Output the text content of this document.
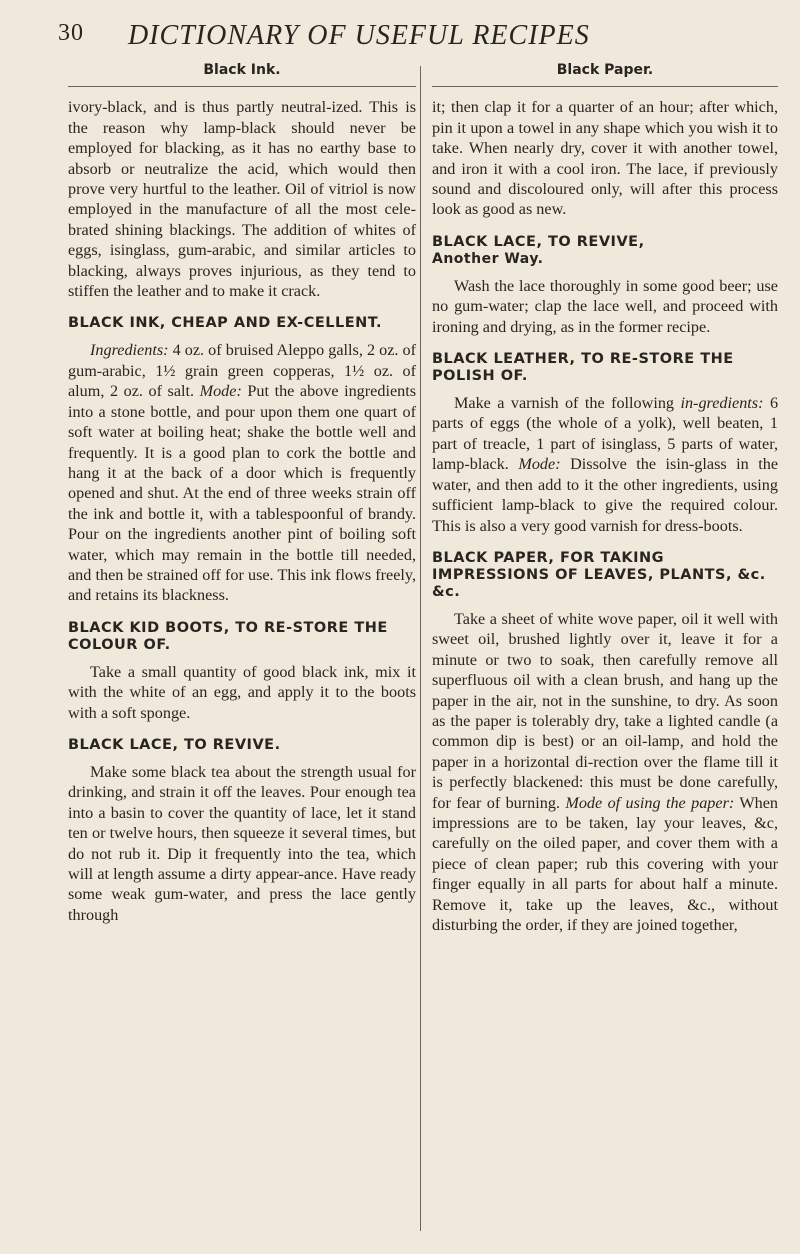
30 DICTIONARY OF USEFUL RECIPES
Black Ink.

ivory-black, and is thus partly neutral-ized. This is the reason why lamp-black should never be employed for blacking, as it has no earthy base to absorb or neutralize the acid, which would then prove very hurtful to the leather. Oil of vitriol is now employed in the manufacture of all the most cele-brated shining blackings. The addition of whites of eggs, isinglass, gum-arabic, and similar articles to blacking, always proves injurious, as they tend to stiffen the leather and to make it crack.

BLACK INK, CHEAP AND EX-CELLENT.

Ingredients: 4 oz. of bruised Aleppo galls, 2 oz. of gum-arabic, 1½ grain green copperas, 1½ oz. of alum, 2 oz. of salt. Mode: Put the above ingredients into a stone bottle, and pour upon them one quart of soft water at boiling heat; shake the bottle well and frequently. It is a good plan to cork the bottle and hang it at the back of a door which is frequently opened and shut. At the end of three weeks strain off the ink and bottle it, with a tablespoonful of brandy. Pour on the ingredients another pint of boiling soft water, which may remain in the bottle till needed, and then be strained off for use. This ink flows freely, and retains its blackness.

BLACK KID BOOTS, TO RE-STORE THE COLOUR OF.

Take a small quantity of good black ink, mix it with the white of an egg, and apply it to the boots with a soft sponge.

BLACK LACE, TO REVIVE.

Make some black tea about the strength usual for drinking, and strain it off the leaves. Pour enough tea into a basin to cover the quantity of lace, let it stand ten or twelve hours, then squeeze it several times, but do not rub it. Dip it frequently into the tea, which will at length assume a dirty appear-ance. Have ready some weak gum-water, and press the lace gently through

Black Paper.

it; then clap it for a quarter of an hour; after which, pin it upon a towel in any shape which you wish it to take. When nearly dry, cover it with another towel, and iron it with a cool iron. The lace, if previously sound and discoloured only, will after this process look as good as new.

BLACK LACE, TO REVIVE,
Another Way.

Wash the lace thoroughly in some good beer; use no gum-water; clap the lace well, and proceed with ironing and drying, as in the former recipe.

BLACK LEATHER, TO RE-STORE THE POLISH OF.

Make a varnish of the following in-gredients: 6 parts of eggs (the whole of a yolk), well beaten, 1 part of treacle, 1 part of isinglass, 5 parts of water, lamp-black. Mode: Dissolve the isin-glass in the water, and then add to it the other ingredients, using sufficient lamp-black to give the required colour. This is also a very good varnish for dress-boots.

BLACK PAPER, FOR TAKING IMPRESSIONS OF LEAVES, PLANTS, &c. &c.

Take a sheet of white wove paper, oil it well with sweet oil, brushed lightly over it, leave it for a minute or two to soak, then carefully remove all superfluous oil with a clean brush, and hang up the paper in the air, not in the sunshine, to dry. As soon as the paper is tolerably dry, take a lighted candle (a common dip is best) or an oil-lamp, and hold the paper in a horizontal di-rection over the flame till it is perfectly blackened: this must be done carefully, for fear of burning. Mode of using the paper: When impressions are to be taken, lay your leaves, &c, carefully on the oiled paper, and cover them with a piece of clean paper; rub this covering with your finger equally in all parts for about half a minute. Remove it, take up the leaves, &c., without disturbing the order, if they are joined together,
